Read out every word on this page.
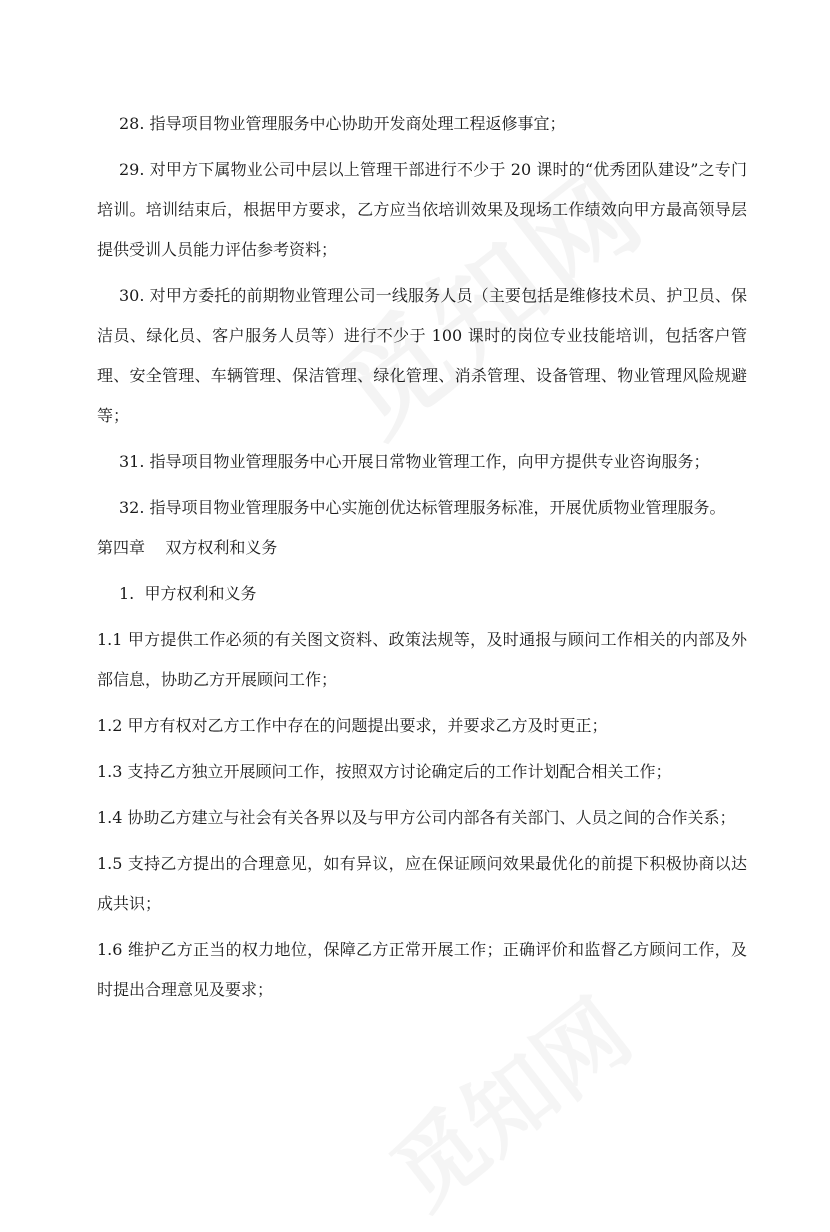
28. 指导项目物业管理服务中心协助开发商处理工程返修事宜；

29. 对甲方下属物业公司中层以上管理干部进行不少于 20 课时的“优秀团队建设”之专门培训。培训结束后，根据甲方要求，乙方应当依培训效果及现场工作绩效向甲方最高领导层提供受训人员能力评估参考资料；

30. 对甲方委托的前期物业管理公司一线服务人员（主要包括是维修技术员、护卫员、保洁员、绿化员、客户服务人员等）进行不少于 100 课时的岗位专业技能培训，包括客户管理、安全管理、车辆管理、保洁管理、绿化管理、消杀管理、设备管理、物业管理风险规避等；

31. 指导项目物业管理服务中心开展日常物业管理工作，向甲方提供专业咨询服务；

32. 指导项目物业管理服务中心实施创优达标管理服务标准，开展优质物业管理服务。

第四章    双方权利和义务

1.  甲方权利和义务

1.1 甲方提供工作必须的有关图文资料、政策法规等，及时通报与顾问工作相关的内部及外部信息，协助乙方开展顾问工作；

1.2 甲方有权对乙方工作中存在的问题提出要求，并要求乙方及时更正；

1.3 支持乙方独立开展顾问工作，按照双方讨论确定后的工作计划配合相关工作；

1.4 协助乙方建立与社会有关各界以及与甲方公司内部各有关部门、人员之间的合作关系；

1.5 支持乙方提出的合理意见，如有异议，应在保证顾问效果最优化的前提下积极协商以达成共识；

1.6 维护乙方正当的权力地位，保障乙方正常开展工作；正确评价和监督乙方顾问工作，及时提出合理意见及要求；
